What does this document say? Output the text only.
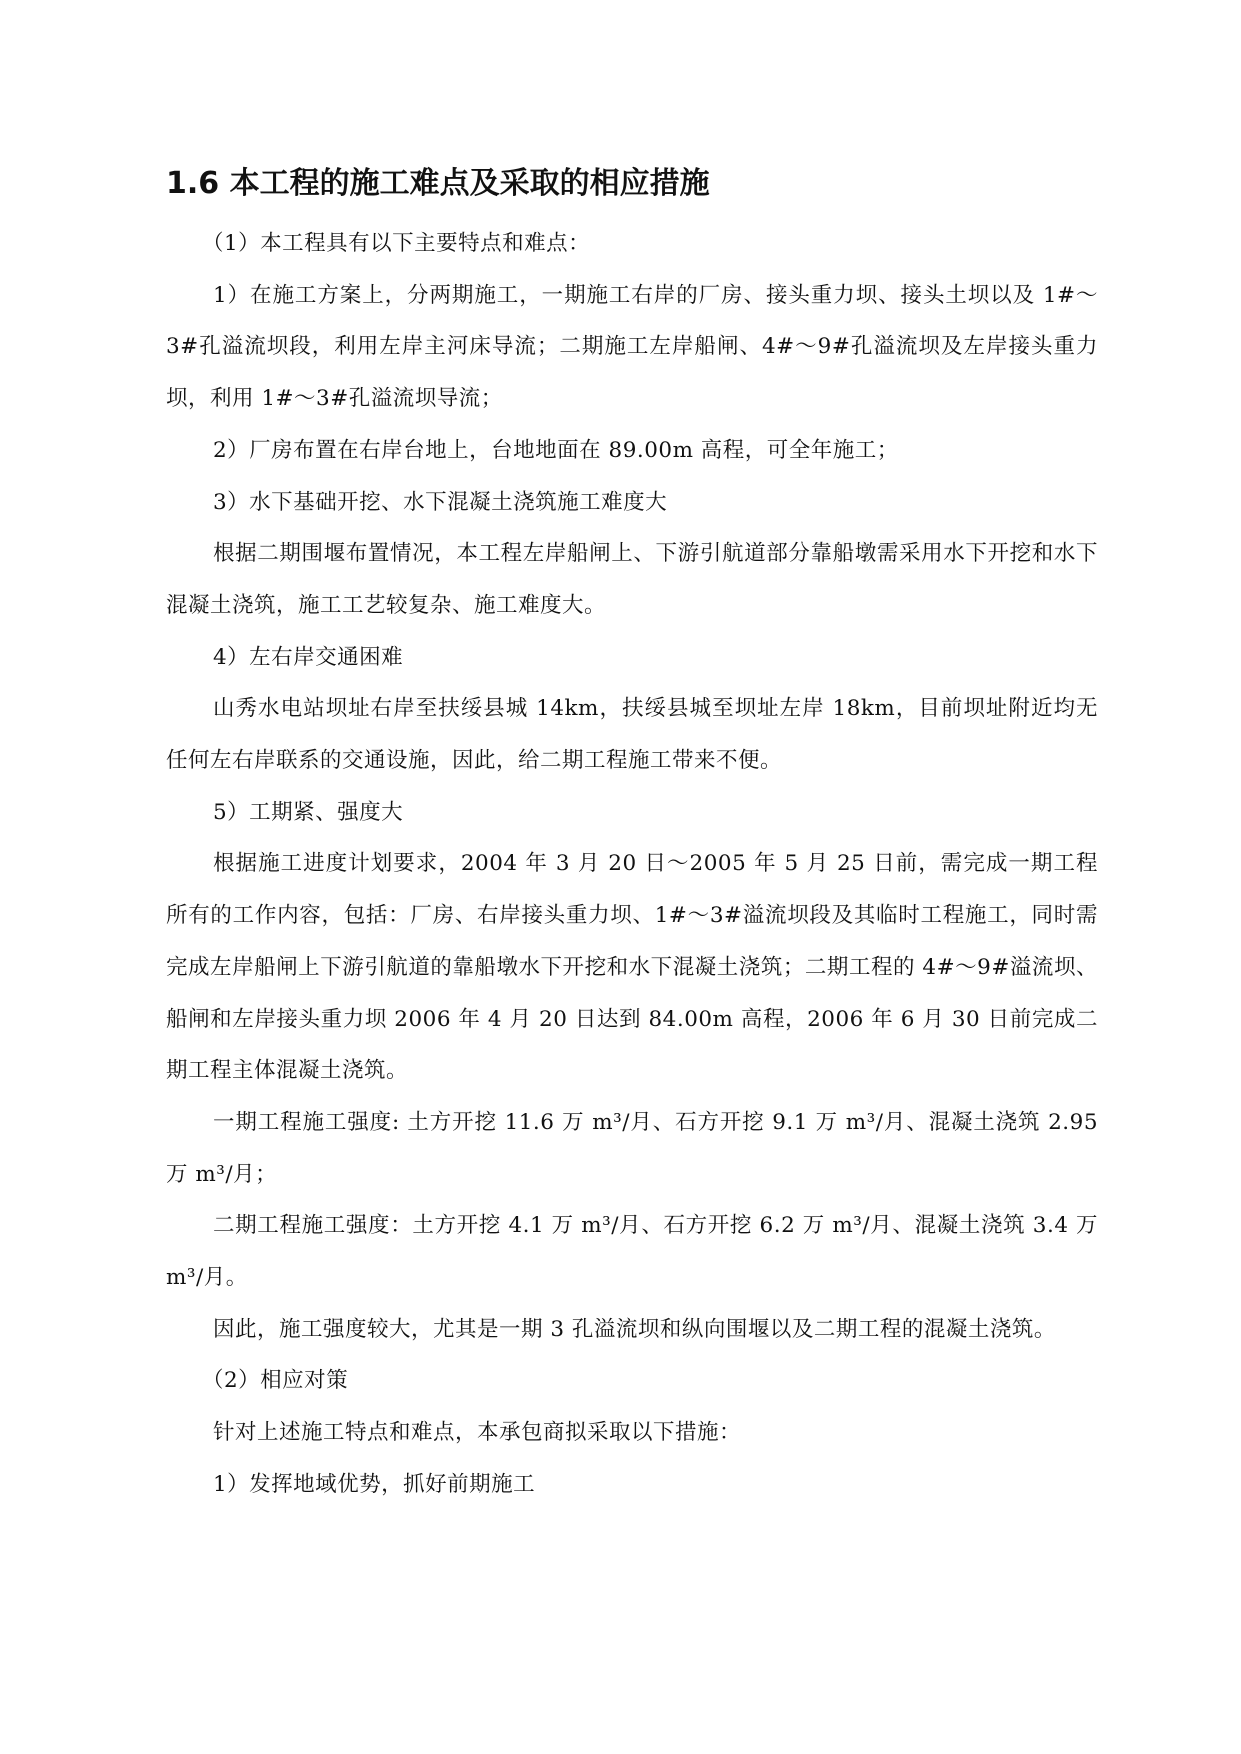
1.6 本工程的施工难点及采取的相应措施

（1）本工程具有以下主要特点和难点：

1）在施工方案上，分两期施工，一期施工右岸的厂房、接头重力坝、接头土坝以及 1#～3#孔溢流坝段，利用左岸主河床导流；二期施工左岸船闸、4#～9#孔溢流坝及左岸接头重力坝，利用 1#～3#孔溢流坝导流；

2）厂房布置在右岸台地上，台地地面在 89.00m 高程，可全年施工；

3）水下基础开挖、水下混凝土浇筑施工难度大

根据二期围堰布置情况，本工程左岸船闸上、下游引航道部分靠船墩需采用水下开挖和水下混凝土浇筑，施工工艺较复杂、施工难度大。

4）左右岸交通困难

山秀水电站坝址右岸至扶绥县城 14km，扶绥县城至坝址左岸 18km，目前坝址附近均无任何左右岸联系的交通设施，因此，给二期工程施工带来不便。

5）工期紧、强度大

根据施工进度计划要求，2004 年 3 月 20 日～2005 年 5 月 25 日前，需完成一期工程所有的工作内容，包括：厂房、右岸接头重力坝、1#～3#溢流坝段及其临时工程施工，同时需完成左岸船闸上下游引航道的靠船墩水下开挖和水下混凝土浇筑；二期工程的 4#～9#溢流坝、船闸和左岸接头重力坝 2006 年 4 月 20 日达到 84.00m 高程，2006 年 6 月 30 日前完成二期工程主体混凝土浇筑。

一期工程施工强度: 土方开挖 11.6 万 m³/月、石方开挖 9.1 万 m³/月、混凝土浇筑 2.95 万 m³/月；

二期工程施工强度：土方开挖 4.1 万 m³/月、石方开挖 6.2 万 m³/月、混凝土浇筑 3.4 万 m³/月。

因此，施工强度较大，尤其是一期 3 孔溢流坝和纵向围堰以及二期工程的混凝土浇筑。

（2）相应对策

针对上述施工特点和难点，本承包商拟采取以下措施：

1）发挥地域优势，抓好前期施工
